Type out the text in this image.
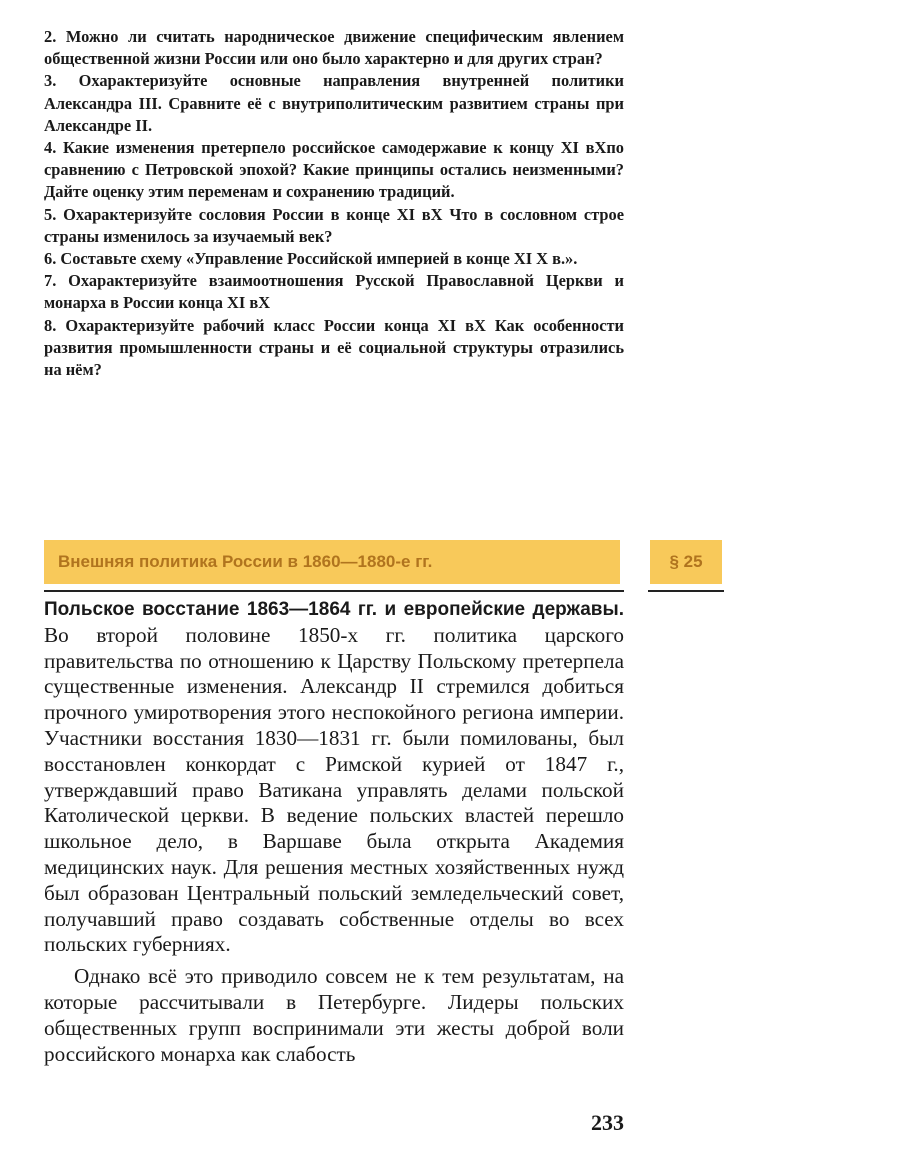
2. Можно ли считать народническое движение специфическим явлением общественной жизни России или оно было характерно и для других стран?

3. Охарактеризуйте основные направления внутренней политики Александра III. Сравните её с внутриполитическим развитием страны при Александре II.

4. Какие изменения претерпело российское самодержавие к концу XI вXпо сравнению с Петровской эпохой? Какие принципы остались неизменными? Дайте оценку этим переменам и сохранению традиций.

5. Охарактеризуйте сословия России в конце XI вX Что в сословном строе страны изменилось за изучаемый век?

6. Составьте схему «Управление Российской империей в конце XI X в.».

7. Охарактеризуйте взаимоотношения Русской Православной Церкви и монарха в России конца XI вX

8. Охарактеризуйте рабочий класс России конца XI вX Как особенности развития промышленности страны и её социальной структуры отразились на нём?

Внешняя политика России в 1860—1880-е гг.	§ 25

Польское восстание 1863—1864 гг. и европейские державы. Во второй половине 1850-х гг. политика царского правительства по отношению к Царству Польскому претерпела существенные изменения. Александр II стремился добиться прочного умиротворения этого неспокойного региона империи. Участники восстания 1830—1831 гг. были помилованы, был восстановлен конкордат с Римской курией от 1847 г., утверждавший право Ватикана управлять делами польской Католической церкви. В ведение польских властей перешло школьное дело, в Варшаве была открыта Академия медицинских наук. Для решения местных хозяйственных нужд был образован Центральный польский земледельческий совет, получавший право создавать собственные отделы во всех польских губерниях.

Однако всё это приводило совсем не к тем результатам, на которые рассчитывали в Петербурге. Лидеры польских общественных групп воспринимали эти жесты доброй воли российского монарха как слабость

233
